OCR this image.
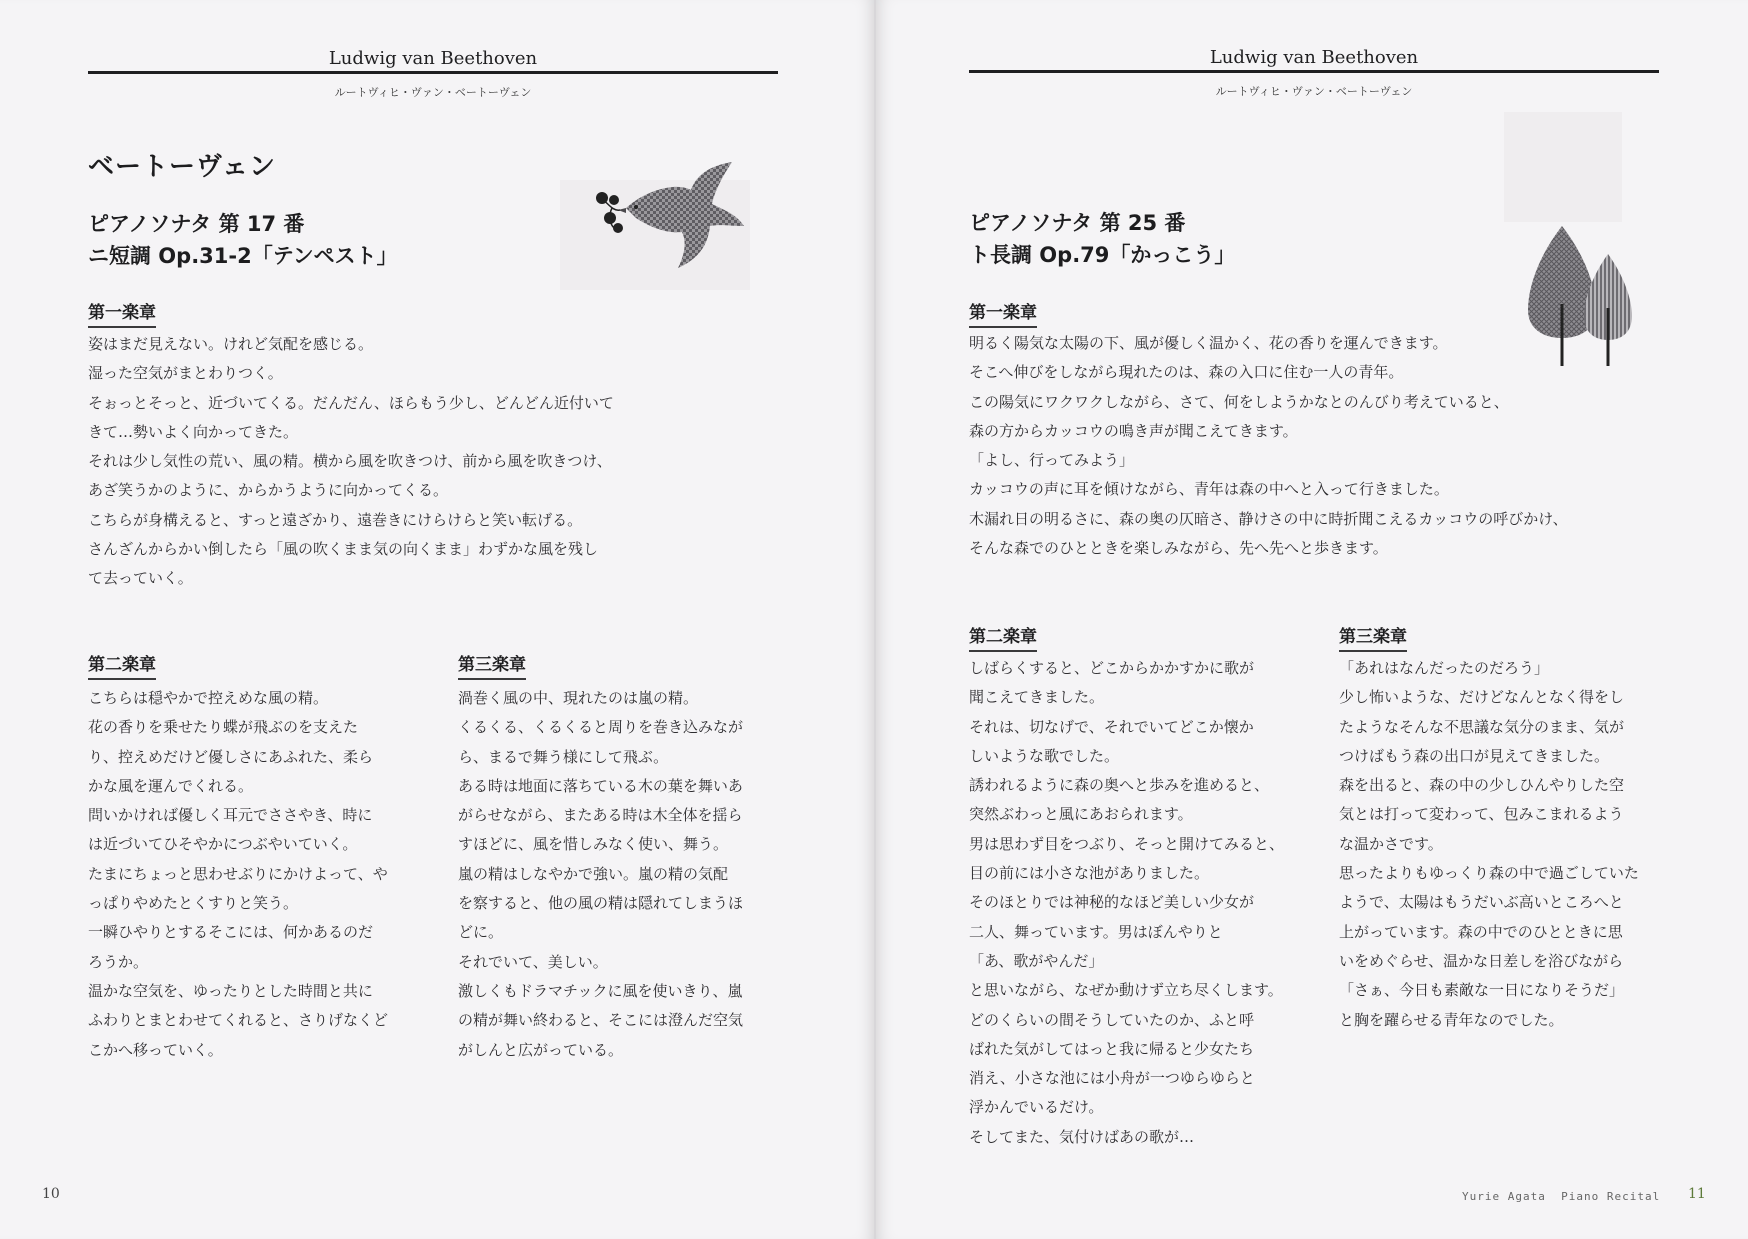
Ludwig van Beethoven
ルートヴィヒ・ヴァン・ベートーヴェン
ベートーヴェン
ピアノソナタ 第 17 番
ニ短調 Op.31-2「テンペスト」
第一楽章

姿はまだ見えない。けれど気配を感じる。

湿った空気がまとわりつく。

そぉっとそっと、近づいてくる。だんだん、ほらもう少し、どんどん近付いて

きて…勢いよく向かってきた。

それは少し気性の荒い、風の精。横から風を吹きつけ、前から風を吹きつけ、

あざ笑うかのように、からかうように向かってくる。

こちらが身構えると、すっと遠ざかり、遠巻きにけらけらと笑い転げる。

さんざんからかい倒したら「風の吹くまま気の向くまま」わずかな風を残し

て去っていく。

第二楽章

こちらは穏やかで控えめな風の精。

花の香りを乗せたり蝶が飛ぶのを支えた

り、控えめだけど優しさにあふれた、柔ら

かな風を運んでくれる。

問いかければ優しく耳元でささやき、時に

は近づいてひそやかにつぶやいていく。

たまにちょっと思わせぶりにかけよって、や

っぱりやめたとくすりと笑う。

一瞬ひやりとするそこには、何かあるのだ

ろうか。

温かな空気を、ゆったりとした時間と共に

ふわりとまとわせてくれると、さりげなくど

こかへ移っていく。

第三楽章

渦巻く風の中、現れたのは嵐の精。

くるくる、くるくると周りを巻き込みなが

ら、まるで舞う様にして飛ぶ。

ある時は地面に落ちている木の葉を舞いあ

がらせながら、またある時は木全体を揺ら

すほどに、風を惜しみなく使い、舞う。

嵐の精はしなやかで強い。嵐の精の気配

を察すると、他の風の精は隠れてしまうほ

どに。

それでいて、美しい。

激しくもドラマチックに風を使いきり、嵐

の精が舞い終わると、そこには澄んだ空気

がしんと広がっている。

10
Ludwig van Beethoven
ルートヴィヒ・ヴァン・ベートーヴェン
ピアノソナタ 第 25 番
ト長調 Op.79「かっこう」
第一楽章

明るく陽気な太陽の下、風が優しく温かく、花の香りを運んできます。

そこへ伸びをしながら現れたのは、森の入口に住む一人の青年。

この陽気にワクワクしながら、さて、何をしようかなとのんびり考えていると、

森の方からカッコウの鳴き声が聞こえてきます。

「よし、行ってみよう」

カッコウの声に耳を傾けながら、青年は森の中へと入って行きました。

木漏れ日の明るさに、森の奥の仄暗さ、静けさの中に時折聞こえるカッコウの呼びかけ、

そんな森でのひとときを楽しみながら、先へ先へと歩きます。

第二楽章

しばらくすると、どこからかかすかに歌が

聞こえてきました。

それは、切なげで、それでいてどこか懐か

しいような歌でした。

誘われるように森の奥へと歩みを進めると、

突然ぶわっと風にあおられます。

男は思わず目をつぶり、そっと開けてみると、

目の前には小さな池がありました。

そのほとりでは神秘的なほど美しい少女が

二人、舞っています。男はぼんやりと

「あ、歌がやんだ」

と思いながら、なぜか動けず立ち尽くします。

どのくらいの間そうしていたのか、ふと呼

ばれた気がしてはっと我に帰ると少女たち

消え、小さな池には小舟が一つゆらゆらと

浮かんでいるだけ。

そしてまた、気付けばあの歌が…

第三楽章

「あれはなんだったのだろう」

少し怖いような、だけどなんとなく得をし

たようなそんな不思議な気分のまま、気が

つけばもう森の出口が見えてきました。

森を出ると、森の中の少しひんやりした空

気とは打って変わって、包みこまれるよう

な温かさです。

思ったよりもゆっくり森の中で過ごしていた

ようで、太陽はもうだいぶ高いところへと

上がっています。森の中でのひとときに思

いをめぐらせ、温かな日差しを浴びながら

「さぁ、今日も素敵な一日になりそうだ」

と胸を躍らせる青年なのでした。

Yurie Agata  Piano Recital 11
